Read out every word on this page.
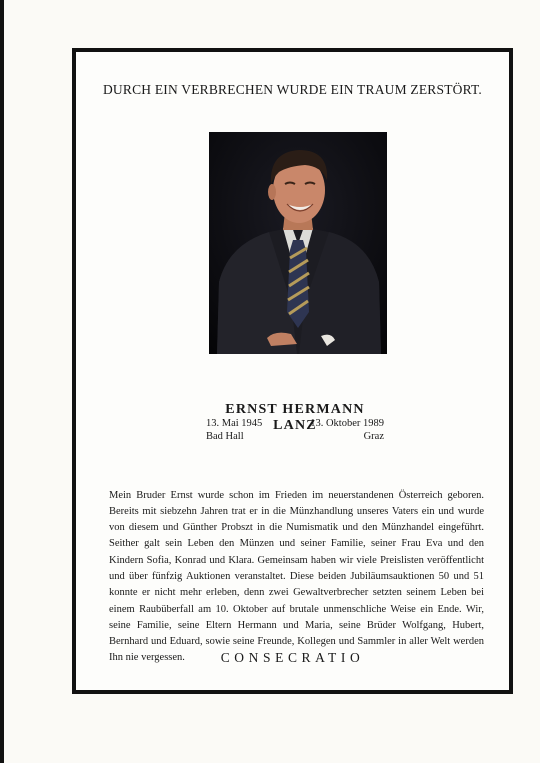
DURCH EIN VERBRECHEN WURDE EIN TRAUM ZERSTÖRT.
ERNST HERMANN LANZ
13. Mai 1945	13. Oktober 1989
Bad Hall	Graz

Mein Bruder Ernst wurde schon im Frieden im neuerstandenen Österreich geboren. Bereits mit siebzehn Jahren trat er in die Münzhandlung unseres Vaters ein und wurde von diesem und Günther Probszt in die Numismatik und den Münzhandel eingeführt. Seither galt sein Leben den Münzen und seiner Familie, seiner Frau Eva und den Kindern Sofia, Konrad und Klara. Gemeinsam haben wir viele Preislisten veröffentlicht und über fünfzig Auktionen veranstaltet. Diese beiden Jubiläumsauktionen 50 und 51 konnte er nicht mehr erleben, denn zwei Gewaltverbrecher setzten seinem Leben bei einem Raubüberfall am 10. Oktober auf brutale unmenschliche Weise ein Ende. Wir, seine Familie, seine Eltern Hermann und Maria, seine Brüder Wolfgang, Hubert, Bernhard und Eduard, sowie seine Freunde, Kollegen und Sammler in aller Welt werden Ihn nie vergessen.	CONSECRATIO
